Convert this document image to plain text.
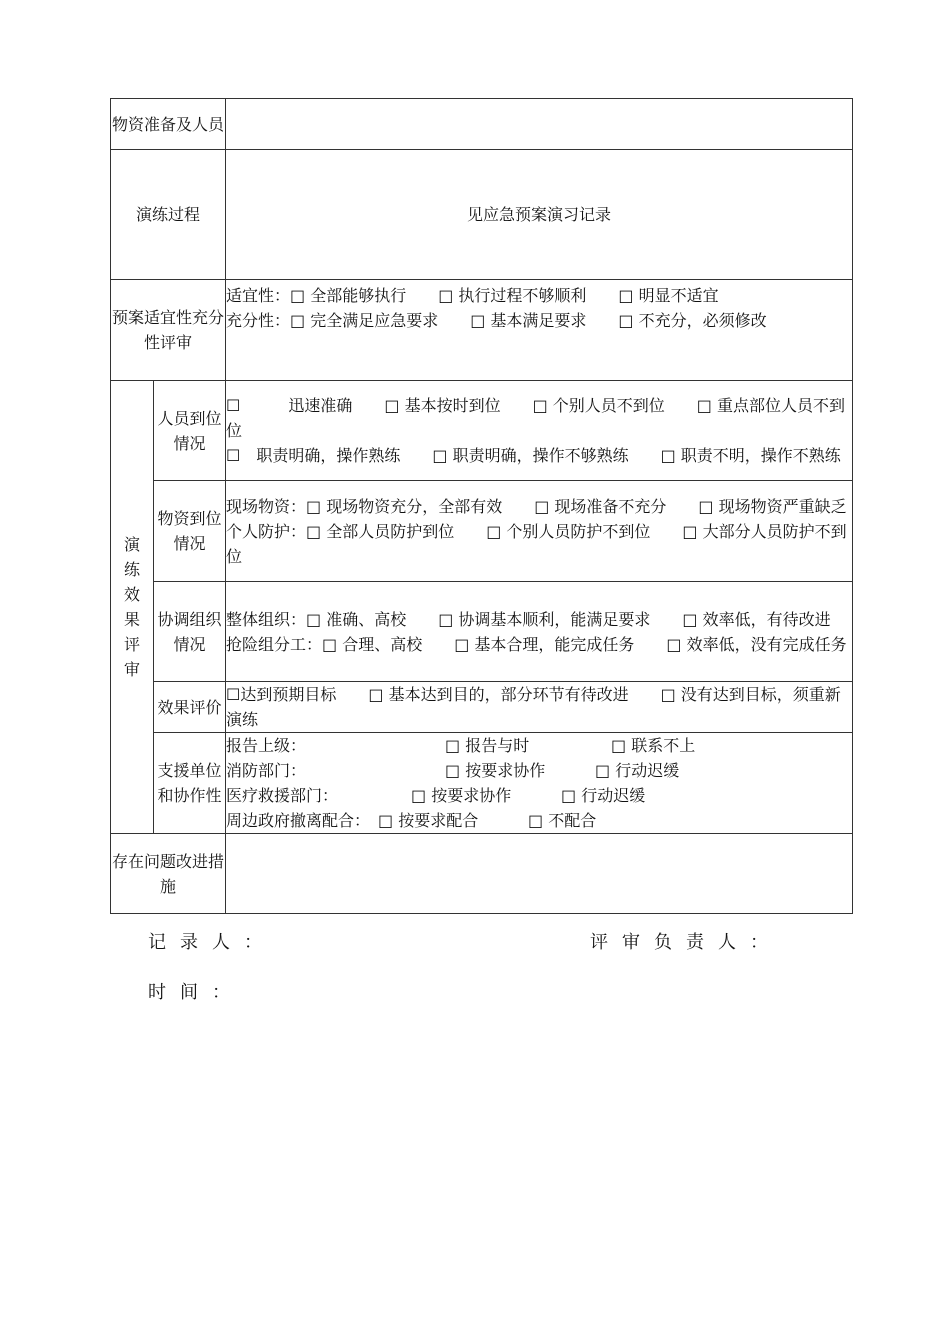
物资准备及人员		
演练过程		见应急预案演习记录
预案适宜性充分性评审		适宜性：□ 全部能够执行　　□ 执行过程不够顺利　　□ 明显不适宜
充分性：□ 完全满足应急要求　　□ 基本满足要求　　□ 不充分，必须修改

演练效果评审	人员到位情况	☐　　　迅速准确　　□ 基本按时到位　　□ 个别人员不到位　　□ 重点部位人员不到位
☐　职责明确，操作熟练　　□ 职责明确，操作不够熟练　　□ 职责不明，操作不熟练

	物资到位情况	现场物资：□ 现场物资充分，全部有效　　□ 现场准备不充分　　□ 现场物资严重缺乏
个人防护：□ 全部人员防护到位　　□ 个别人员防护不到位　　□ 大部分人员防护不到位

	协调组织情况	整体组织：□ 准确、高校　　□ 协调基本顺利，能满足要求　　□ 效率低，有待改进
抢险组分工：□ 合理、高校　　□ 基本合理，能完成任务　　□ 效率低，没有完成任务

	效果评价	☐达到预期目标　　□ 基本达到目的，部分环节有待改进　　□ 没有达到目标，须重新演练

	支援单位和协作性	报告上级： □ 报告与时 □ 联系不上
消防部门： □ 按要求协作 □ 行动迟缓
医疗救援部门： □ 按要求协作 □ 行动迟缓
周边政府撤离配合： □ 按要求配合 □ 不配合

存在问题改进措施		
记录人：	评审负责人：
时间：
